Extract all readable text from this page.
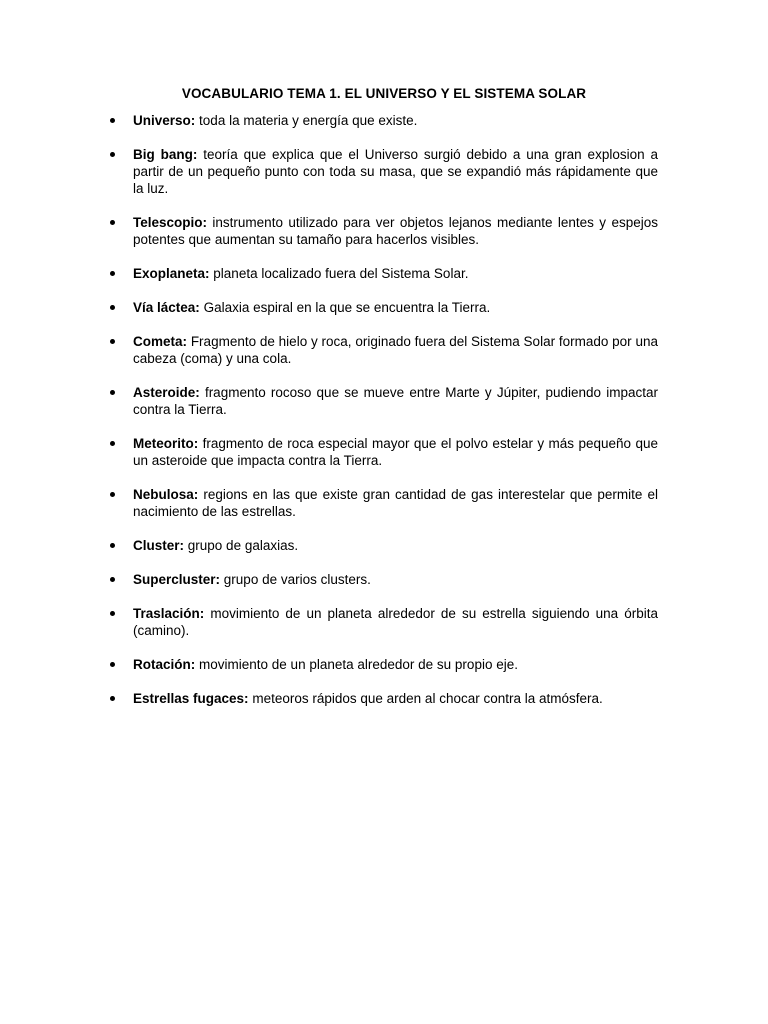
VOCABULARIO TEMA 1. EL UNIVERSO Y EL SISTEMA SOLAR
Universo: toda la materia y energía que existe.
Big bang: teoría que explica que el Universo surgió debido a una gran explosion a partir de un pequeño punto con toda su masa, que se expandió más rápidamente que la luz.
Telescopio: instrumento utilizado para ver objetos lejanos mediante lentes y espejos potentes que aumentan su tamaño para hacerlos visibles.
Exoplaneta: planeta localizado fuera del Sistema Solar.
Vía láctea: Galaxia espiral en la que se encuentra la Tierra.
Cometa: Fragmento de hielo y roca, originado fuera del Sistema Solar formado por una cabeza (coma) y una cola.
Asteroide: fragmento rocoso que se mueve entre Marte y Júpiter, pudiendo impactar contra la Tierra.
Meteorito: fragmento de roca especial mayor que el polvo estelar y más pequeño que un asteroide que impacta contra la Tierra.
Nebulosa: regions en las que existe gran cantidad de gas interestelar que permite el nacimiento de las estrellas.
Cluster: grupo de galaxias.
Supercluster: grupo de varios clusters.
Traslación: movimiento de un planeta alrededor de su estrella siguiendo una órbita (camino).
Rotación: movimiento de un planeta alrededor de su propio eje.
Estrellas fugaces: meteoros rápidos que arden al chocar contra la atmósfera.
